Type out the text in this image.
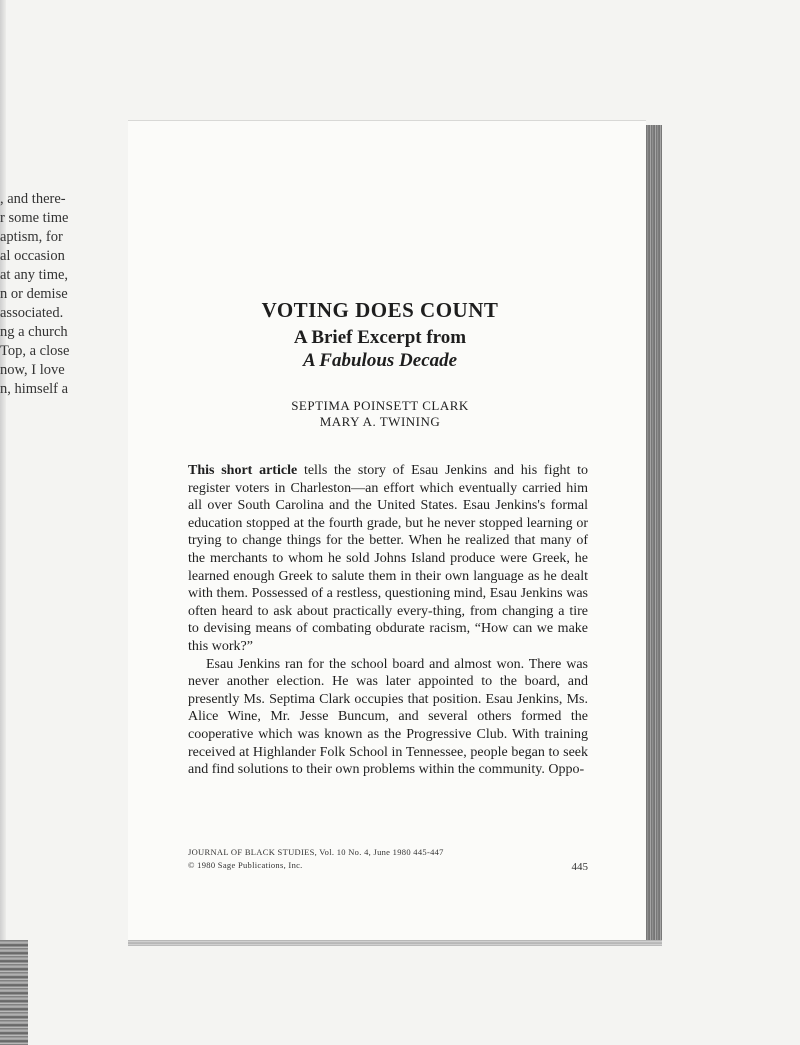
, and there-
r some time
aptism, for
al occasion
at any time,
n or demise
associated.
ng a church
Top, a close
now, I love
n, himself a
VOTING DOES COUNT
A Brief Excerpt from
A Fabulous Decade

SEPTIMA POINSETT CLARK

MARY A. TWINING

This short article tells the story of Esau Jenkins and his fight to register voters in Charleston—an effort which eventually carried him all over South Carolina and the United States. Esau Jenkins's formal education stopped at the fourth grade, but he never stopped learning or trying to change things for the better. When he realized that many of the merchants to whom he sold Johns Island produce were Greek, he learned enough Greek to salute them in their own language as he dealt with them. Possessed of a restless, questioning mind, Esau Jenkins was often heard to ask about practically every-thing, from changing a tire to devising means of combating obdurate racism, “How can we make this work?”

Esau Jenkins ran for the school board and almost won. There was never another election. He was later appointed to the board, and presently Ms. Septima Clark occupies that position. Esau Jenkins, Ms. Alice Wine, Mr. Jesse Buncum, and several others formed the cooperative which was known as the Progressive Club. With training received at Highlander Folk School in Tennessee, people began to seek and find solutions to their own problems within the community. Oppo-

JOURNAL OF BLACK STUDIES, Vol. 10 No. 4, June 1980 445-447
© 1980 Sage Publications, Inc.	445
